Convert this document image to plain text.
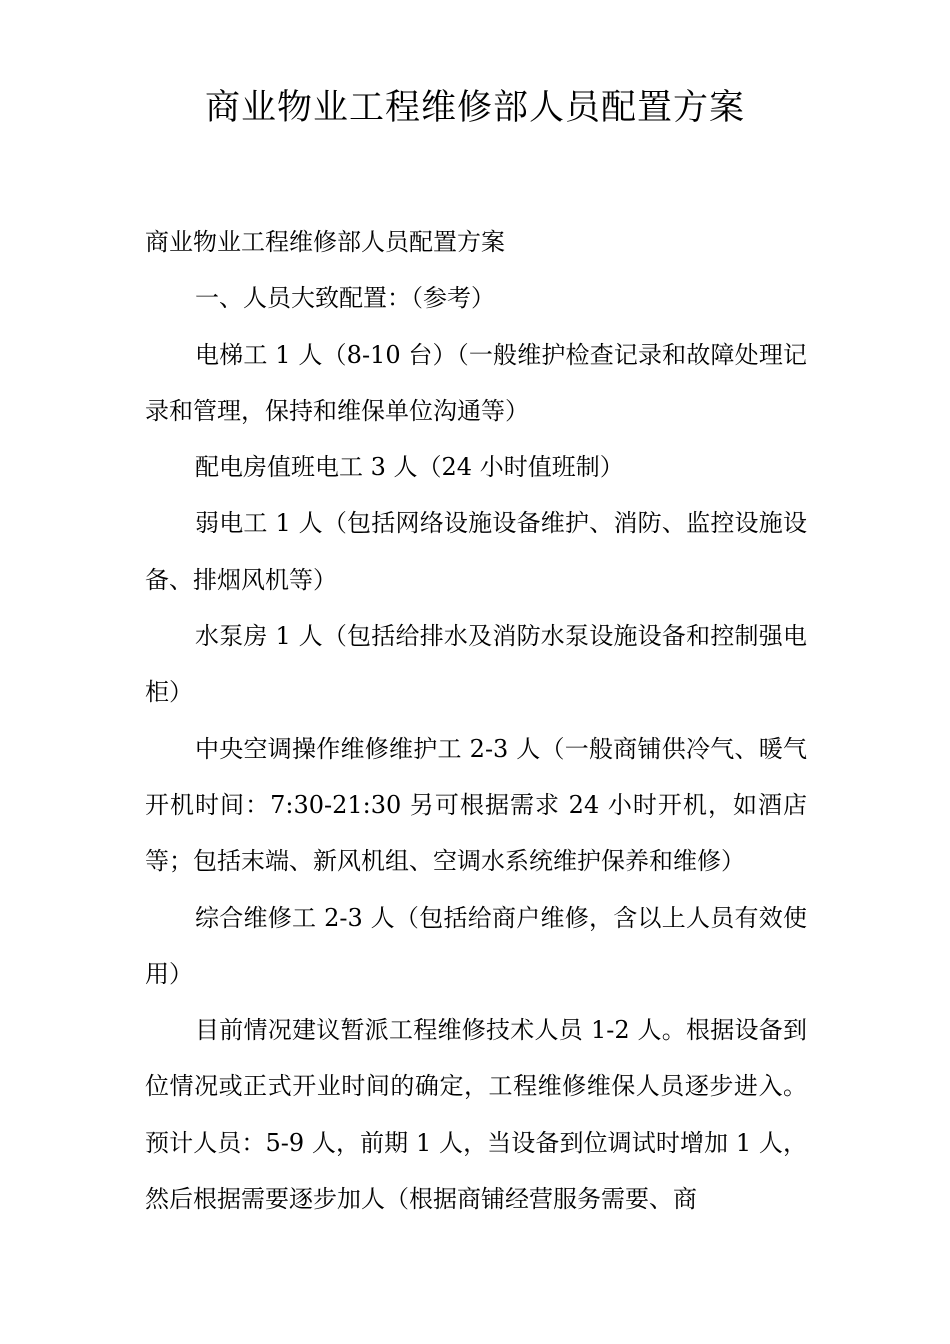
商业物业工程维修部人员配置方案

商业物业工程维修部人员配置方案

一、人员大致配置：（参考）

电梯工 1 人（8-10 台）（一般维护检查记录和故障处理记录和管理，保持和维保单位沟通等）

配电房值班电工 3 人（24 小时值班制）

弱电工 1 人（包括网络设施设备维护、消防、监控设施设备、排烟风机等）

水泵房 1 人（包括给排水及消防水泵设施设备和控制强电柜）

中央空调操作维修维护工 2-3 人（一般商铺供冷气、暖气开机时间：7:30-21:30 另可根据需求 24 小时开机，如酒店等；包括末端、新风机组、空调水系统维护保养和维修）

综合维修工 2-3 人（包括给商户维修，含以上人员有效使用）

目前情况建议暂派工程维修技术人员 1-2 人。根据设备到位情况或正式开业时间的确定，工程维修维保人员逐步进入。预计人员：5-9 人，前期 1 人，当设备到位调试时增加 1 人，然后根据需要逐步加人（根据商铺经营服务需要、商
